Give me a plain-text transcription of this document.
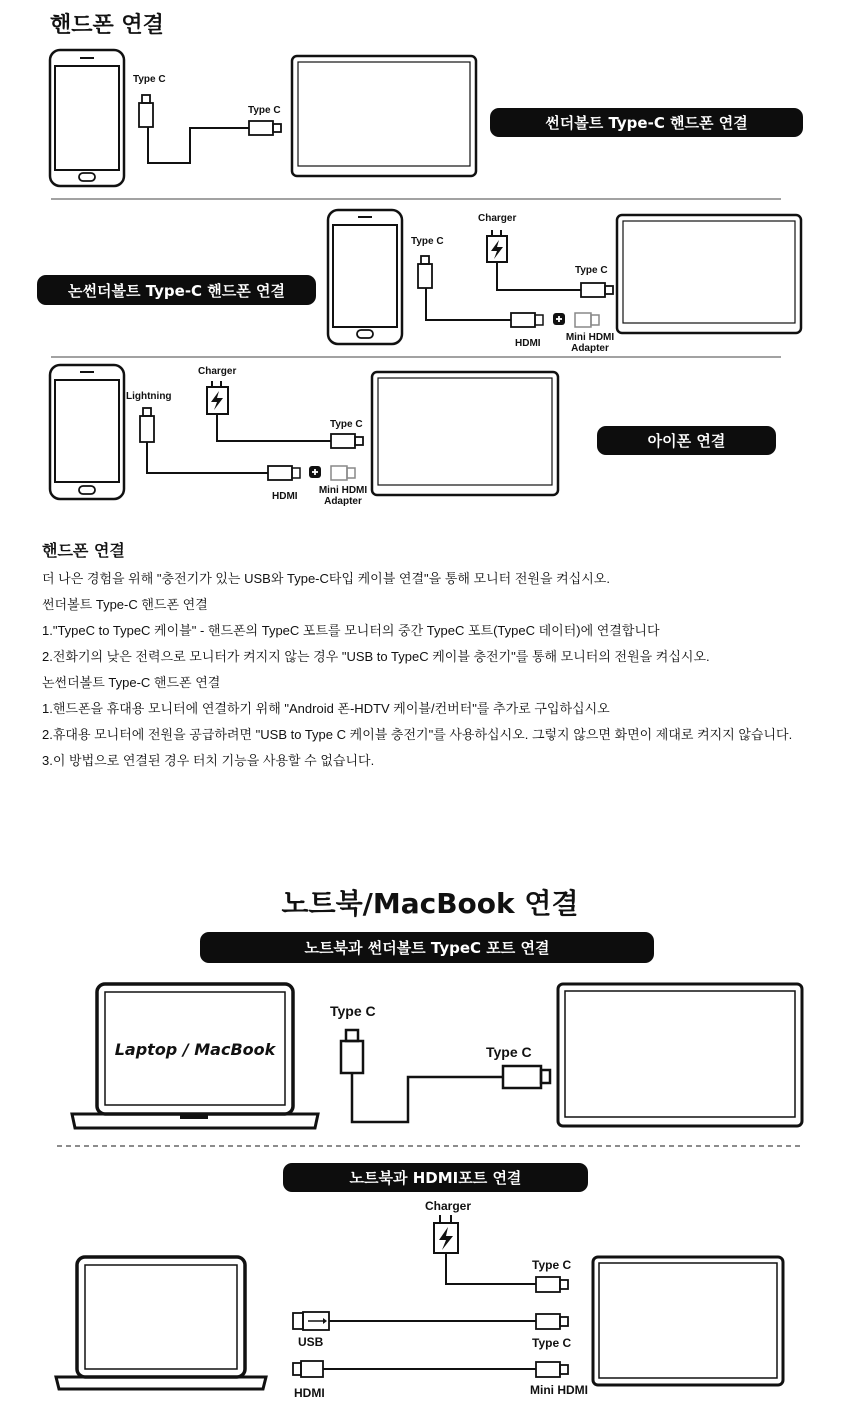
핸드폰 연결
Type C
Type C
썬더볼트 Type-C 핸드폰 연결
논썬더볼트 Type-C 핸드폰 연결
Type C
Charger
Type C
HDMI
Mini HDMI
Adapter
Lightning
Charger
Type C
HDMI
Mini HDMI
Adapter
아이폰 연결
핸드폰 연결
더 나은 경험을 위해 "충전기가 있는 USB와 Type-C타입 케이블 연결"을 통해 모니터 전원을 켜십시오.
썬더볼트 Type-C 핸드폰 연결
1."TypeC to TypeC 케이블" - 핸드폰의 TypeC 포트를 모니터의 중간 TypeC 포트(TypeC 데이터)에 연결합니다
2.전화기의 낮은 전력으로 모니터가 켜지지 않는 경우 "USB to TypeC 케이블 충전기"를 통해 모니터의 전원을 켜십시오.
논썬더볼트 Type-C 핸드폰 연결
1.핸드폰을 휴대용 모니터에 연결하기 위해 "Android 폰-HDTV 케이블/컨버터"를 추가로 구입하십시오
2.휴대용 모니터에 전원을 공급하려면 "USB to Type C 케이블 충전기"를 사용하십시오. 그렇지 않으면 화면이 제대로 켜지지 않습니다.
3.이 방법으로 연결된 경우 터치 기능을 사용할 수 없습니다.
노트북/MacBook 연결
노트북과 썬더볼트 TypeC 포트 연결
Laptop / MacBook
Type C
Type C
노트북과 HDMI포트 연결
Charger
Type C
USB	Type C
HDMI	Mini HDMI
